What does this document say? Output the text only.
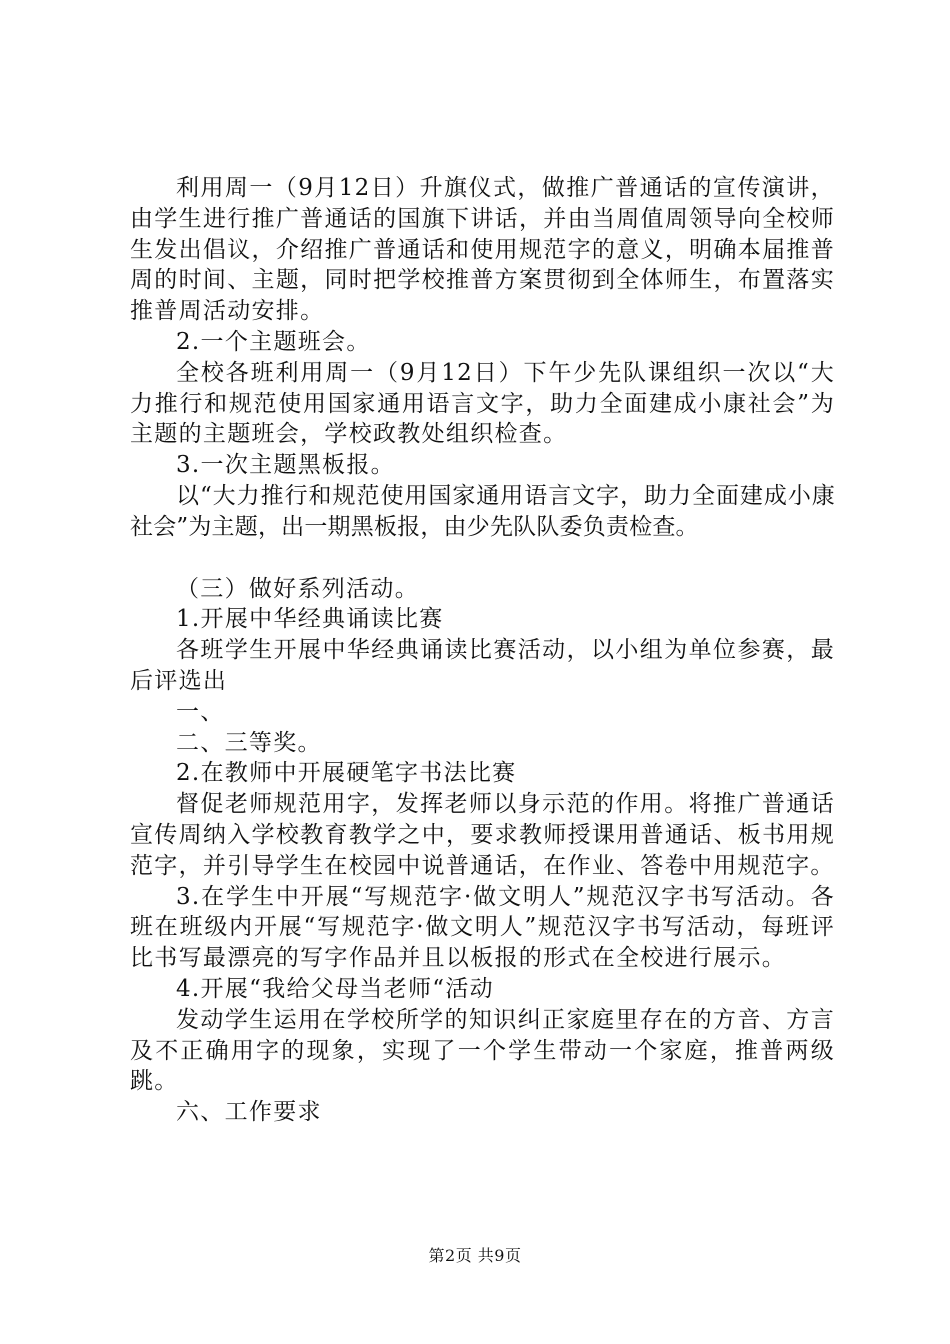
利用周一（9月12日）升旗仪式，做推广普通话的宣传演讲，由学生进行推广普通话的国旗下讲话，并由当周值周领导向全校师生发出倡议，介绍推广普通话和使用规范字的意义，明确本届推普周的时间、主题，同时把学校推普方案贯彻到全体师生，布置落实推普周活动安排。

2.一个主题班会。

全校各班利用周一（9月12日）下午少先队课组织一次以“大力推行和规范使用国家通用语言文字，助力全面建成小康社会”为主题的主题班会，学校政教处组织检查。

3.一次主题黑板报。

以“大力推行和规范使用国家通用语言文字，助力全面建成小康社会”为主题，出一期黑板报，由少先队队委负责检查。

（三）做好系列活动。

1.开展中华经典诵读比赛

各班学生开展中华经典诵读比赛活动，以小组为单位参赛，最后评选出

一、

二、三等奖。

2.在教师中开展硬笔字书法比赛

督促老师规范用字，发挥老师以身示范的作用。将推广普通话宣传周纳入学校教育教学之中，要求教师授课用普通话、板书用规范字，并引导学生在校园中说普通话，在作业、答卷中用规范字。

3.在学生中开展“写规范字·做文明人”规范汉字书写活动。各班在班级内开展“写规范字·做文明人”规范汉字书写活动，每班评比书写最漂亮的写字作品并且以板报的形式在全校进行展示。

4.开展“我给父母当老师“活动

发动学生运用在学校所学的知识纠正家庭里存在的方音、方言及不正确用字的现象，实现了一个学生带动一个家庭，推普两级跳。

六、工作要求

第2页 共9页
